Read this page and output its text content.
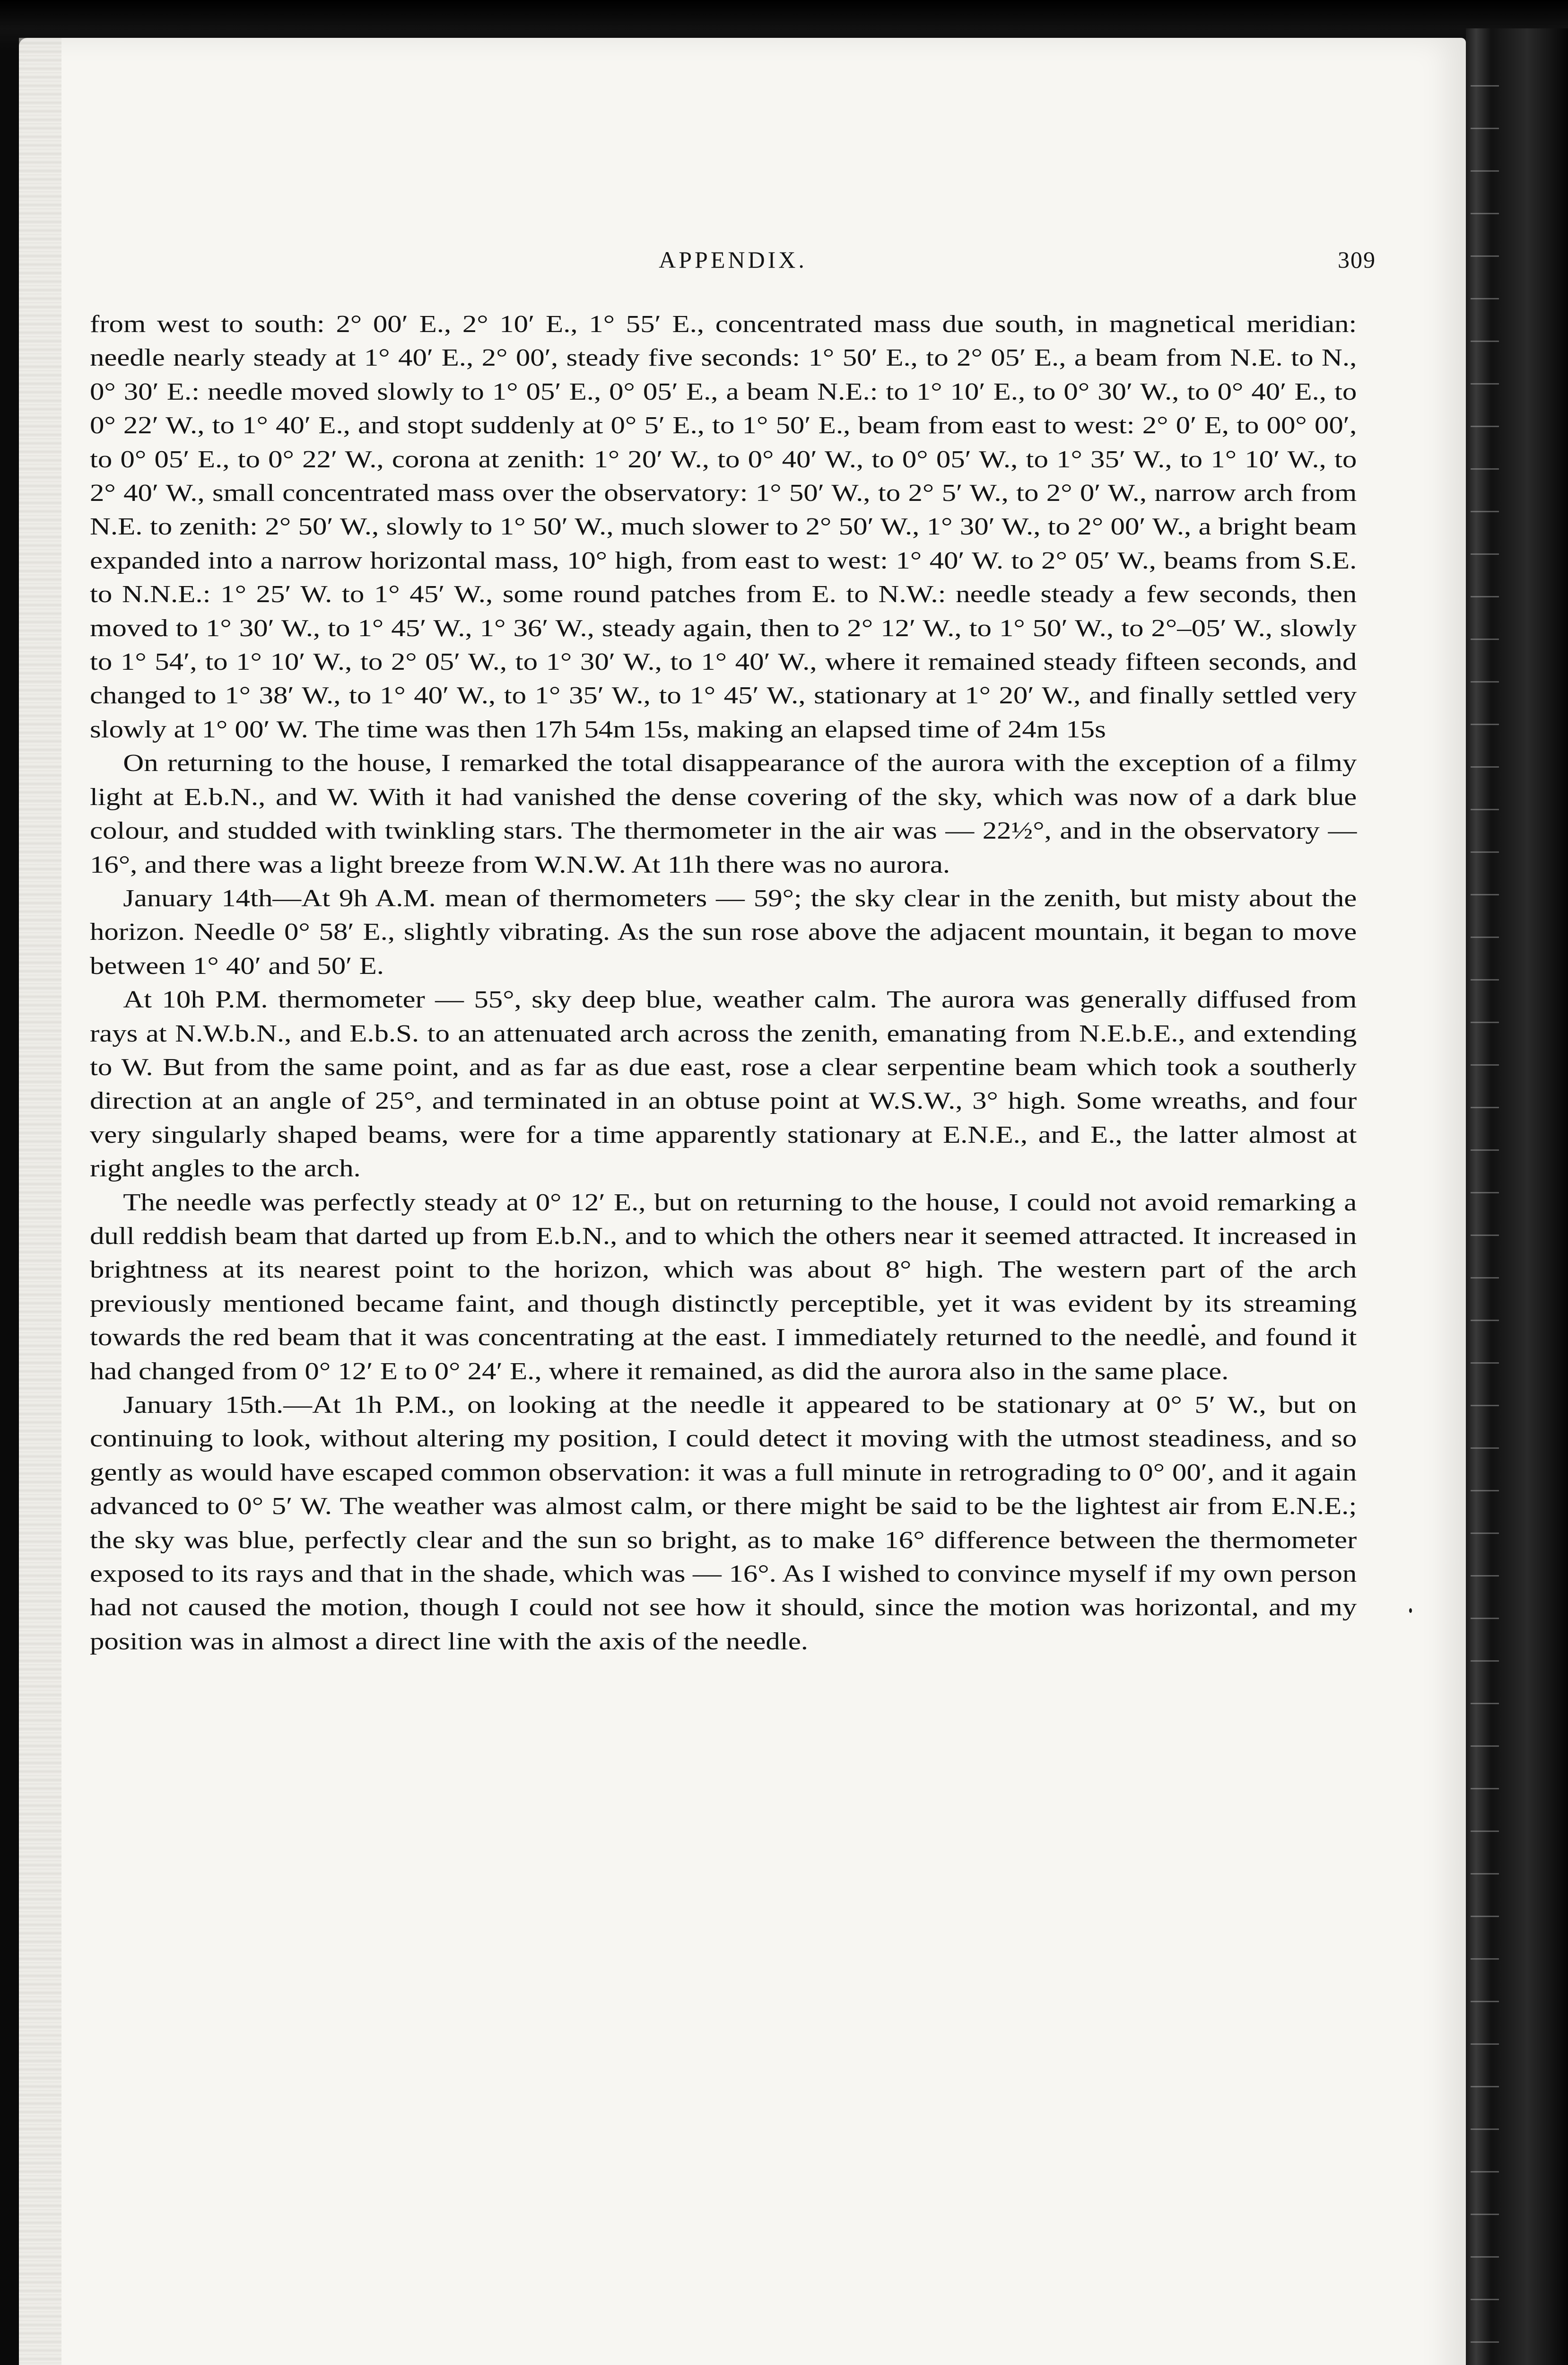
APPENDIX.	309

from west to south: 2° 00′ E., 2° 10′ E., 1° 55′ E., concentrated mass due south, in magnetical meridian: needle nearly steady at 1° 40′ E., 2° 00′, steady five seconds: 1° 50′ E., to 2° 05′ E., a beam from N.E. to N., 0° 30′ E.: needle moved slowly to 1° 05′ E., 0° 05′ E., a beam N.E.: to 1° 10′ E., to 0° 30′ W., to 0° 40′ E., to 0° 22′ W., to 1° 40′ E., and stopt suddenly at 0° 5′ E., to 1° 50′ E., beam from east to west: 2° 0′ E, to 00° 00′, to 0° 05′ E., to 0° 22′ W., corona at zenith: 1° 20′ W., to 0° 40′ W., to 0° 05′ W., to 1° 35′ W., to 1° 10′ W., to 2° 40′ W., small concentrated mass over the observatory: 1° 50′ W., to 2° 5′ W., to 2° 0′ W., narrow arch from N.E. to zenith: 2° 50′ W., slowly to 1° 50′ W., much slower to 2° 50′ W., 1° 30′ W., to 2° 00′ W., a bright beam expanded into a narrow horizontal mass, 10° high, from east to west: 1° 40′ W. to 2° 05′ W., beams from S.E. to N.N.E.: 1° 25′ W. to 1° 45′ W., some round patches from E. to N.W.: needle steady a few seconds, then moved to 1° 30′ W., to 1° 45′ W., 1° 36′ W., steady again, then to 2° 12′ W., to 1° 50′ W., to 2°–05′ W., slowly to 1° 54′, to 1° 10′ W., to 2° 05′ W., to 1° 30′ W., to 1° 40′ W., where it remained steady fifteen seconds, and changed to 1° 38′ W., to 1° 40′ W., to 1° 35′ W., to 1° 45′ W., stationary at 1° 20′ W., and finally settled very slowly at 1° 00′ W. The time was then 17h 54m 15s, making an elapsed time of 24m 15s

On returning to the house, I remarked the total disappearance of the aurora with the exception of a filmy light at E.b.N., and W. With it had vanished the dense covering of the sky, which was now of a dark blue colour, and studded with twinkling stars. The thermometer in the air was — 22½°, and in the observatory — 16°, and there was a light breeze from W.N.W. At 11h there was no aurora.

January 14th—At 9h A.M. mean of thermometers — 59°; the sky clear in the zenith, but misty about the horizon. Needle 0° 58′ E., slightly vibrating. As the sun rose above the adjacent mountain, it began to move between 1° 40′ and 50′ E.

At 10h P.M. thermometer — 55°, sky deep blue, weather calm. The aurora was generally diffused from rays at N.W.b.N., and E.b.S. to an attenuated arch across the zenith, emanating from N.E.b.E., and extending to W. But from the same point, and as far as due east, rose a clear serpentine beam which took a southerly direction at an angle of 25°, and terminated in an obtuse point at W.S.W., 3° high. Some wreaths, and four very singularly shaped beams, were for a time apparently stationary at E.N.E., and E., the latter almost at right angles to the arch.

The needle was perfectly steady at 0° 12′ E., but on returning to the house, I could not avoid remarking a dull reddish beam that darted up from E.b.N., and to which the others near it seemed attracted. It increased in brightness at its nearest point to the horizon, which was about 8° high. The western part of the arch previously mentioned became faint, and though distinctly perceptible, yet it was evident by its streaming towards the red beam that it was concentrating at the east. I immediately returned to the needle, and found it had changed from 0° 12′ E to 0° 24′ E., where it remained, as did the aurora also in the same place.

January 15th.—At 1h P.M., on looking at the needle it appeared to be stationary at 0° 5′ W., but on continuing to look, without altering my position, I could detect it moving with the utmost steadiness, and so gently as would have escaped common observation: it was a full minute in retrograding to 0° 00′, and it again advanced to 0° 5′ W. The weather was almost calm, or there might be said to be the lightest air from E.N.E.; the sky was blue, perfectly clear and the sun so bright, as to make 16° difference between the thermometer exposed to its rays and that in the shade, which was — 16°. As I wished to convince myself if my own person had not caused the motion, though I could not see how it should, since the motion was horizontal, and my position was in almost a direct line with the axis of the needle.
